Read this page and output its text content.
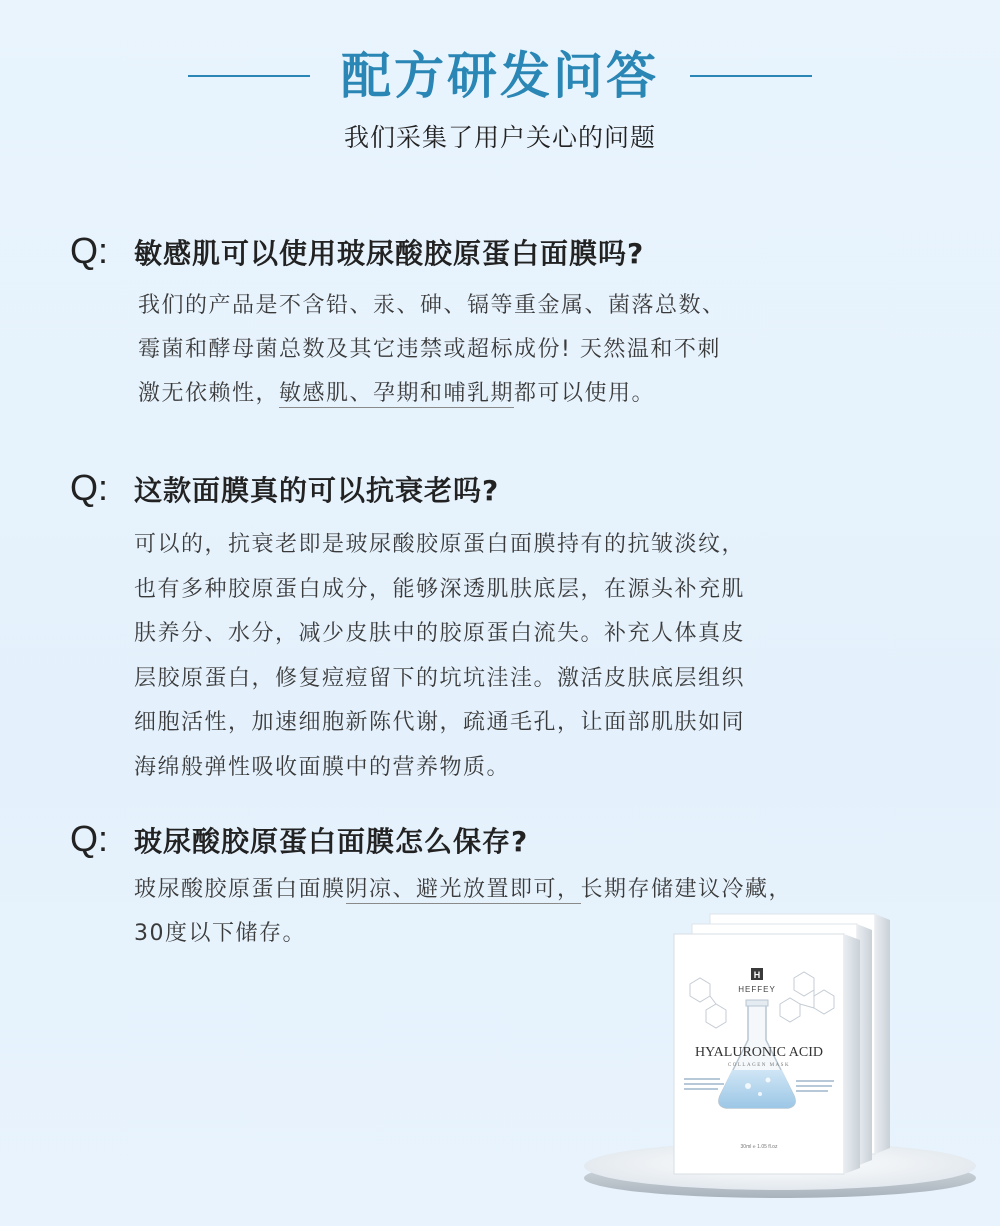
配方研发问答
我们采集了用户关心的问题
Q: 敏感肌可以使用玻尿酸胶原蛋白面膜吗?
我们的产品是不含铅、汞、砷、镉等重金属、菌落总数、
霉菌和酵母菌总数及其它违禁或超标成份! 天然温和不刺
激无依赖性，敏感肌、孕期和哺乳期都可以使用。
Q: 这款面膜真的可以抗衰老吗?
可以的，抗衰老即是玻尿酸胶原蛋白面膜持有的抗皱淡纹，
也有多种胶原蛋白成分，能够深透肌肤底层，在源头补充肌
肤养分、水分，减少皮肤中的胶原蛋白流失。补充人体真皮
层胶原蛋白，修复痘痘留下的坑坑洼洼。激活皮肤底层组织
细胞活性，加速细胞新陈代谢，疏通毛孔，让面部肌肤如同
海绵般弹性吸收面膜中的营养物质。
Q: 玻尿酸胶原蛋白面膜怎么保存?
玻尿酸胶原蛋白面膜阴凉、避光放置即可，长期存储建议冷藏，
30度以下储存。
H
HEFFEY
HYALURONIC ACID
COLLAGEN MASK
30ml ℮ 1.05 fl.oz
